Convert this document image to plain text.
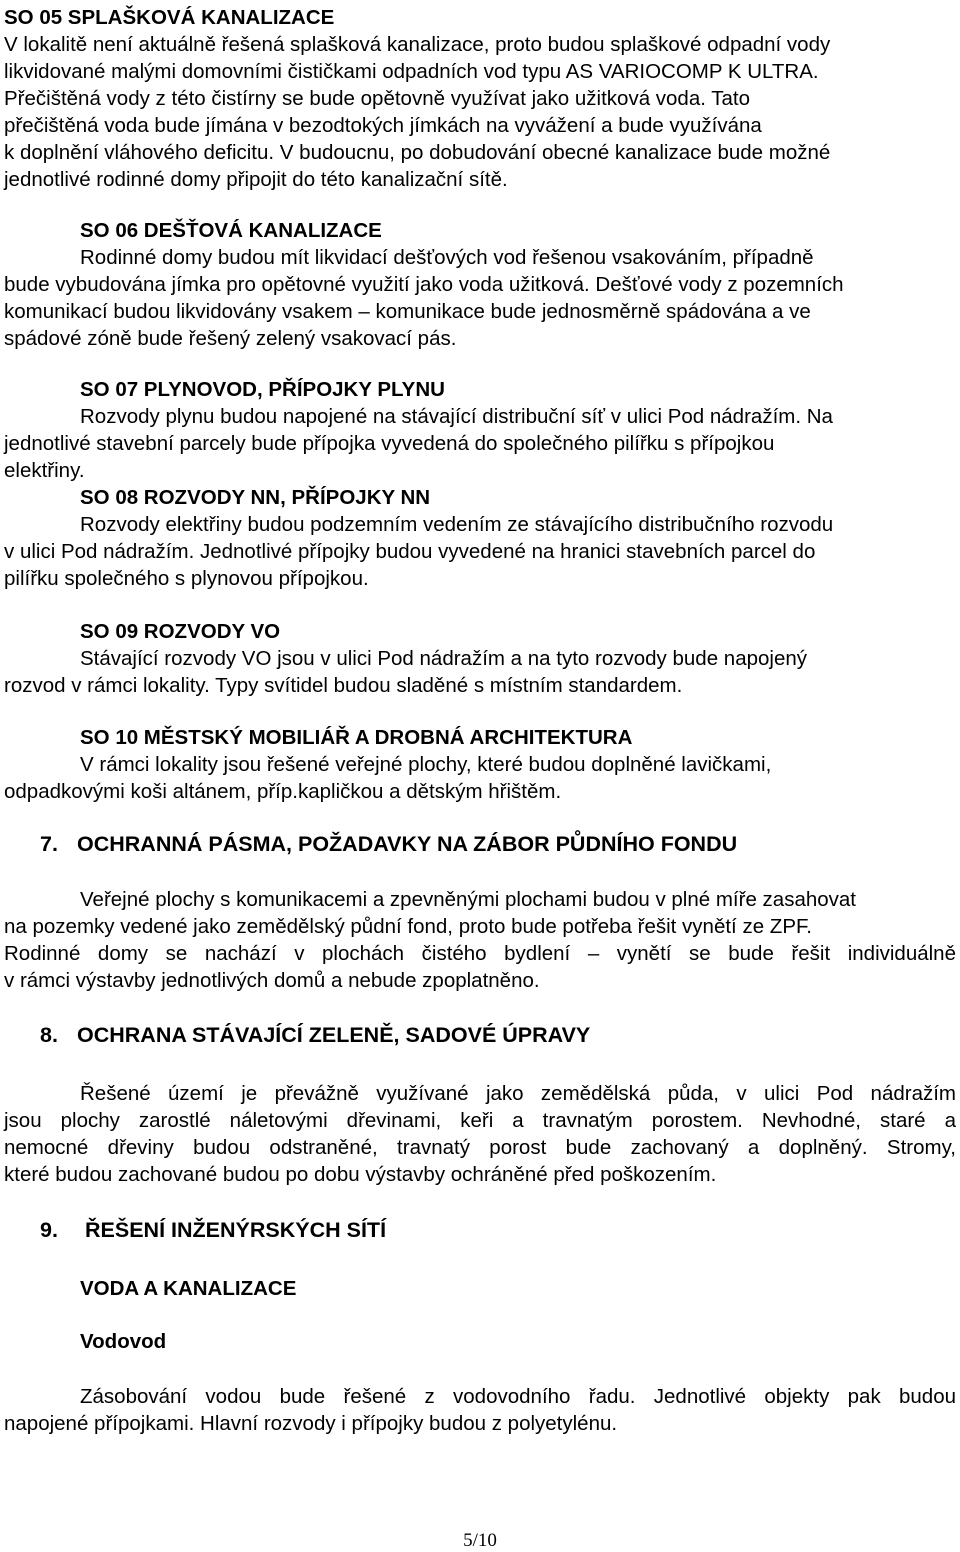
SO 05 SPLAŠKOVÁ KANALIZACE

V lokalitě není aktuálně řešená splašková kanalizace, proto budou splaškové odpadní vody

likvidované malými domovními čističkami odpadních vod typu AS VARIOCOMP K ULTRA.

Přečištěná vody z této čistírny se bude opětovně využívat jako užitková voda. Tato

přečištěná voda bude jímána v bezodtokých jímkách na vyvážení a bude využívána

k doplnění vláhového deficitu. V budoucnu, po dobudování obecné kanalizace bude možné

jednotlivé rodinné domy připojit do této kanalizační sítě.

SO 06 DEŠŤOVÁ KANALIZACE

Rodinné domy budou mít likvidací dešťových vod řešenou vsakováním, případně

bude vybudována jímka pro opětovné využití jako voda užitková. Dešťové vody z pozemních

komunikací budou likvidovány vsakem – komunikace bude jednosměrně spádována a ve

spádové zóně bude řešený zelený vsakovací pás.

SO 07 PLYNOVOD, PŘÍPOJKY PLYNU

Rozvody plynu budou napojené na stávající distribuční síť v ulici Pod nádražím. Na

jednotlivé stavební parcely bude přípojka vyvedená do společného pilířku s přípojkou

elektřiny.

SO 08 ROZVODY NN, PŘÍPOJKY NN

Rozvody elektřiny budou podzemním vedením ze stávajícího distribučního rozvodu

v ulici Pod nádražím. Jednotlivé přípojky budou vyvedené na hranici stavebních parcel do

pilířku společného s plynovou přípojkou.

SO 09 ROZVODY VO

Stávající rozvody VO jsou v ulici Pod nádražím a na tyto rozvody bude napojený

rozvod v rámci lokality. Typy svítidel budou sladěné s místním standardem.

SO 10 MĚSTSKÝ MOBILIÁŘ A DROBNÁ ARCHITEKTURA

V rámci lokality jsou řešené veřejné plochy, které budou doplněné lavičkami,

odpadkovými koši altánem, příp.kapličkou a dětským hřištěm.

7. OCHRANNÁ PÁSMA, POŽADAVKY NA ZÁBOR PŮDNÍHO FONDU

Veřejné plochy s komunikacemi a zpevněnými plochami budou v plné míře zasahovat

na pozemky vedené jako zemědělský půdní fond, proto bude potřeba řešit vynětí ze ZPF.

Rodinné domy se nachází v plochách čistého bydlení – vynětí se bude řešit individuálně

v rámci výstavby jednotlivých domů a nebude zpoplatněno.

8. OCHRANA STÁVAJÍCÍ ZELENĚ, SADOVÉ ÚPRAVY

Řešené území je převážně využívané jako zemědělská půda, v ulici Pod nádražím

jsou plochy zarostlé náletovými dřevinami, keři a travnatým porostem. Nevhodné, staré a

nemocné dřeviny budou odstraněné, travnatý porost bude zachovaný a doplněný. Stromy,

které budou zachované budou po dobu výstavby ochráněné před poškozením.

9. ŘEŠENÍ INŽENÝRSKÝCH SÍTÍ

VODA A KANALIZACE

Vodovod

Zásobování vodou bude řešené z vodovodního řadu. Jednotlivé objekty pak budou

napojené přípojkami. Hlavní rozvody i přípojky budou z polyetylénu.

5/10
